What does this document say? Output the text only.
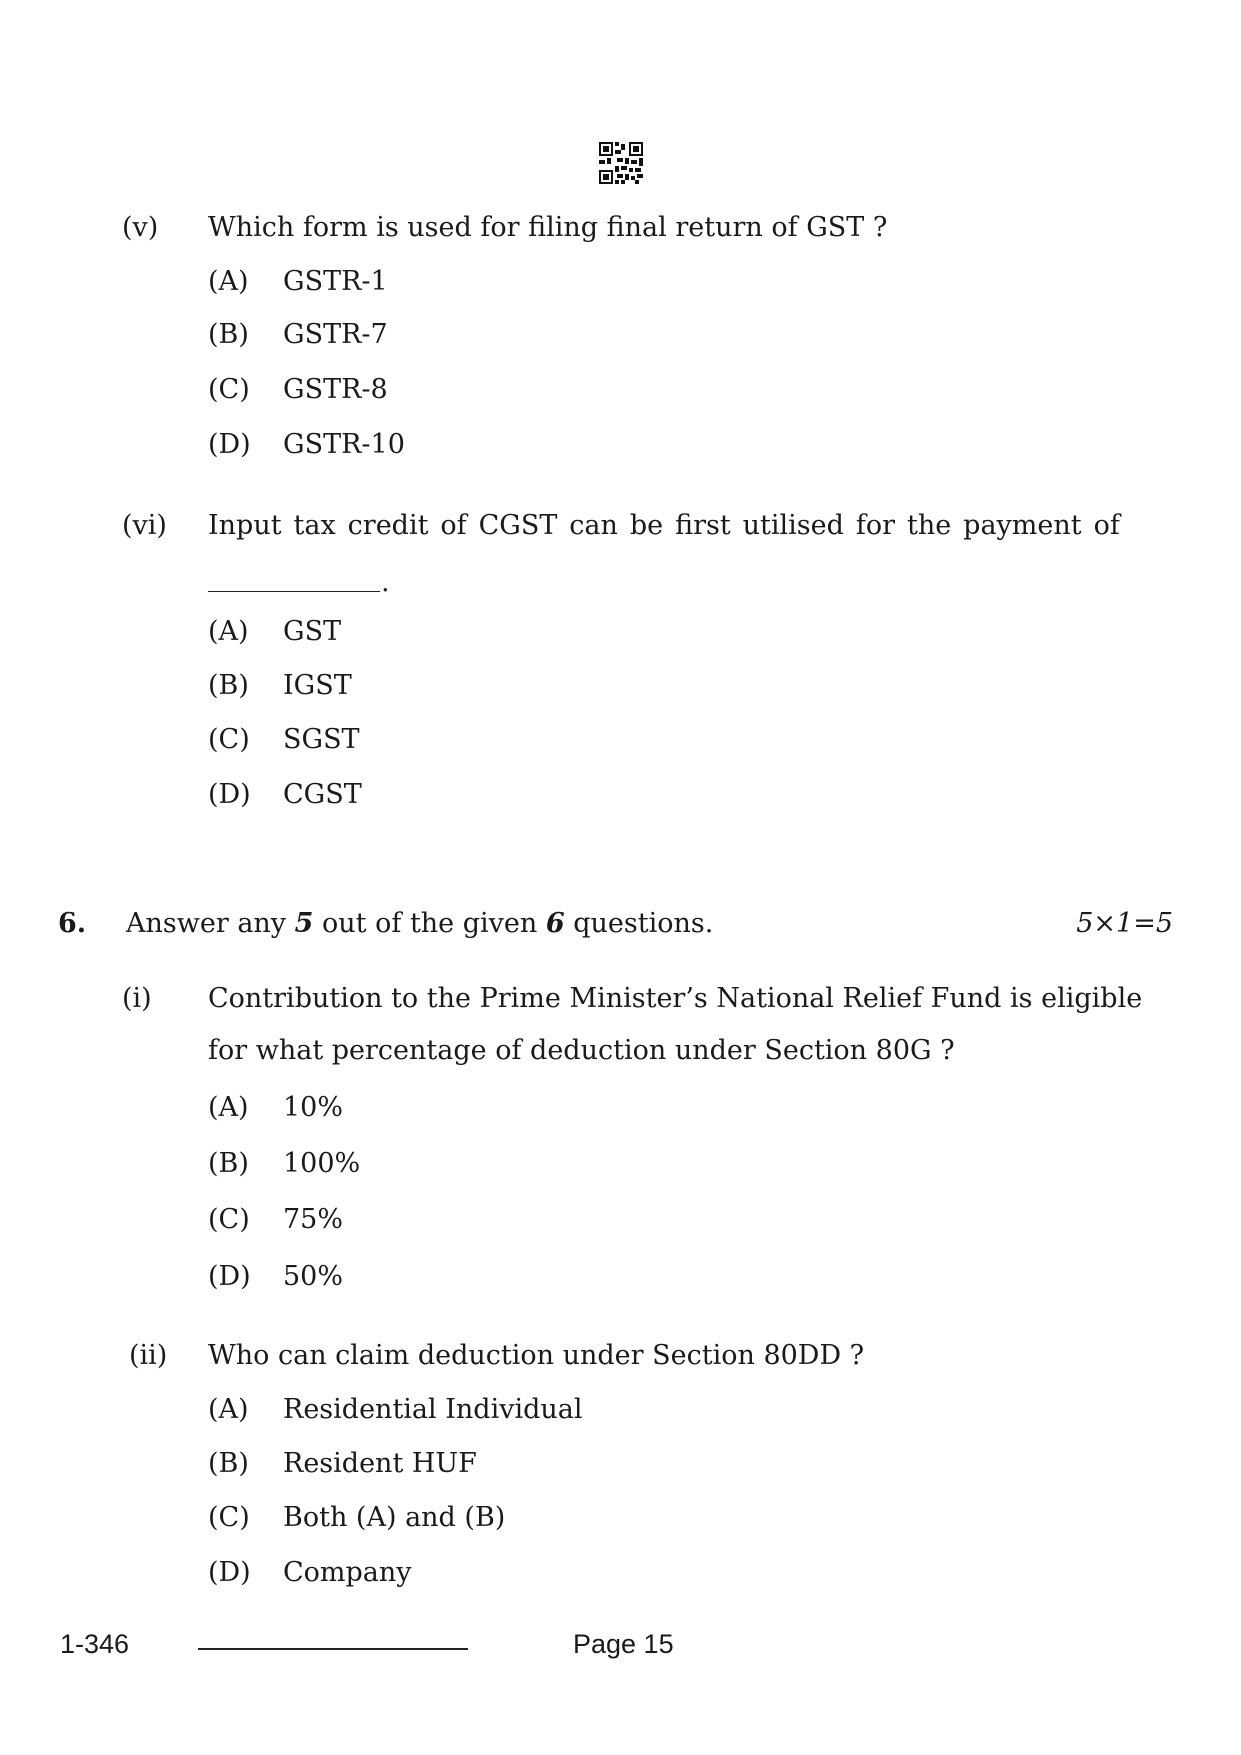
(v) Which form is used for filing final return of GST ?
(A) GSTR-1
(B) GSTR-7
(C) GSTR-8
(D) GSTR-10
(vi) Input tax credit of CGST can be first utilised for the payment of
.
(A) GST
(B) IGST
(C) SGST
(D) CGST
6. Answer any 5 out of the given 6 questions.	5×1=5
(i) Contribution to the Prime Minister’s National Relief Fund is eligible
for what percentage of deduction under Section 80G ?
(A) 10%
(B) 100%
(C) 75%
(D) 50%
(ii) Who can claim deduction under Section 80DD ?
(A) Residential Individual
(B) Resident HUF
(C) Both (A) and (B)
(D) Company
1-346	Page 15
